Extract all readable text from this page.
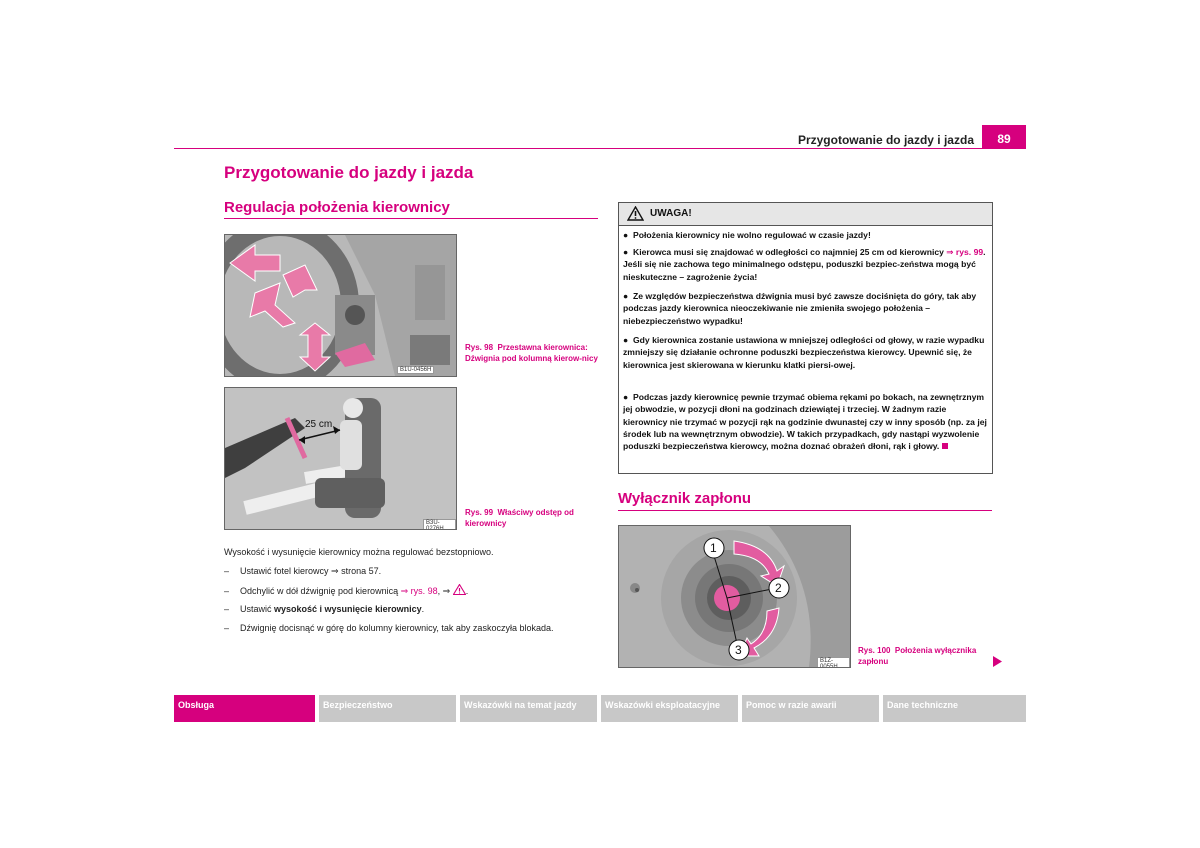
Przygotowanie do jazdy i jazda	89
Przygotowanie do jazdy i jazda
Regulacja położenia kierownicy
B1U-0456H
Rys. 98 Przestawna kierownica: Dźwignia pod kolumną kierow-nicy
25 cm
B3U-0276H
Rys. 99 Właściwy odstęp od kierownicy
Wysokość i wysunięcie kierownicy można regulować bezstopniowo.
– Ustawić fotel kierowcy ⇒ strona 57.
– Odchylić w dół dźwignię pod kierownicą ⇒ rys. 98, ⇒ .
– Ustawić wysokość i wysunięcie kierownicy.
– Dźwignię docisnąć w górę do kolumny kierownicy, tak aby zaskoczyła blokada.
UWAGA!
● Położenia kierownicy nie wolno regulować w czasie jazdy!
● Kierowca musi się znajdować w odległości co najmniej 25 cm od kierownicy ⇒ rys. 99. Jeśli się nie zachowa tego minimalnego odstępu, poduszki bezpiec-zeństwa mogą być nieskuteczne – zagrożenie życia!
● Ze względów bezpieczeństwa dźwignia musi być zawsze dociśnięta do góry, tak aby podczas jazdy kierownica nieoczekiwanie nie zmieniła swojego położenia – niebezpieczeństwo wypadku!
● Gdy kierownica zostanie ustawiona w mniejszej odległości od głowy, w razie wypadku zmniejszy się działanie ochronne poduszki bezpieczeństwa kierowcy. Upewnić się, że kierownica jest skierowana w kierunku klatki piersi-owej.
● Podczas jazdy kierownicę pewnie trzymać obiema rękami po bokach, na zewnętrznym jej obwodzie, w pozycji dłoni na godzinach dziewiątej i trzeciej. W żadnym razie kierownicy nie trzymać w pozycji rąk na godzinie dwunastej czy w inny sposób (np. za jej środek lub na wewnętrznym obwodzie). W takich przypadkach, gdy nastąpi wyzwolenie poduszki bezpieczeństwa kierowcy, można doznać obrażeń dłoni, rąk i głowy.
Wyłącznik zapłonu
1
2
3
B1Z-0055H
Rys. 100 Położenia wyłącznika zapłonu
Obsługa	Bezpieczeństwo	Wskazówki na temat jazdy	Wskazówki eksploatacyjne	Pomoc w razie awarii	Dane techniczne
